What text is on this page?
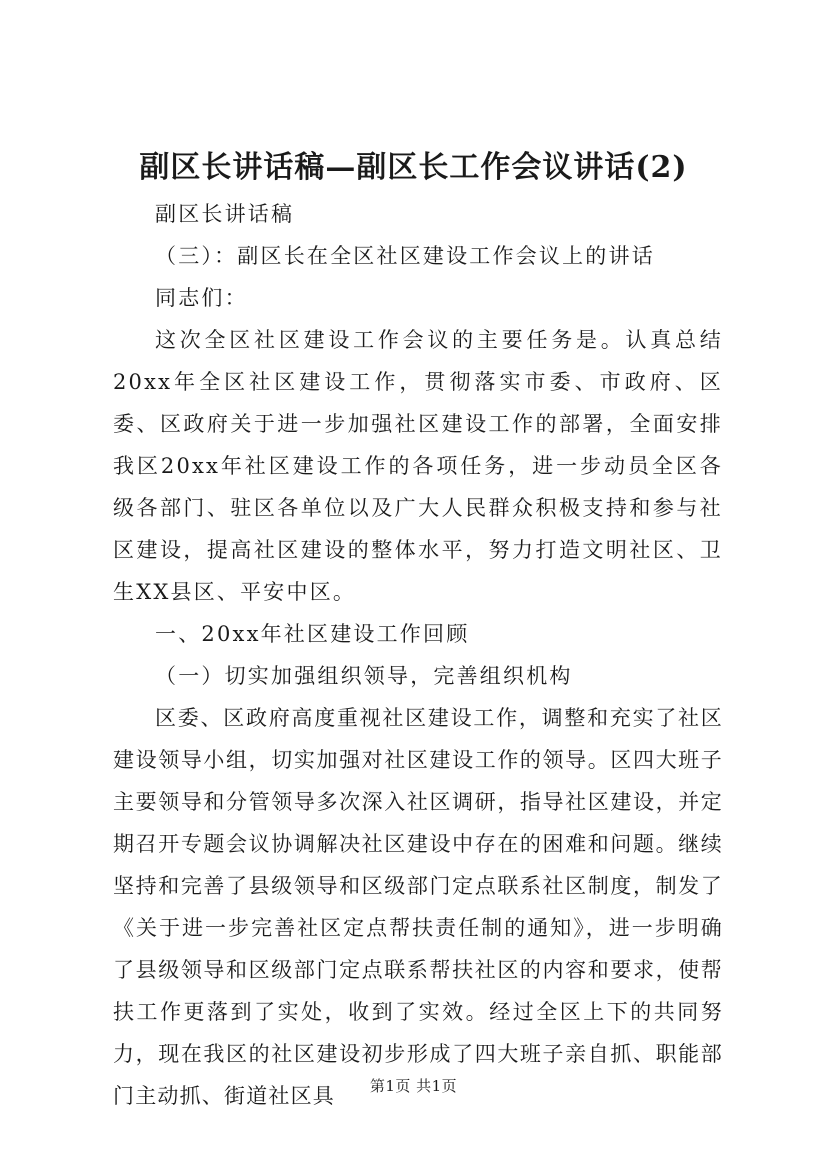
副区长讲话稿—副区长工作会议讲话(2)

副区长讲话稿

（三）：副区长在全区社区建设工作会议上的讲话

同志们：

这次全区社区建设工作会议的主要任务是。认真总结20xx年全区社区建设工作，贯彻落实市委、市政府、区委、区政府关于进一步加强社区建设工作的部署，全面安排我区20xx年社区建设工作的各项任务，进一步动员全区各级各部门、驻区各单位以及广大人民群众积极支持和参与社区建设，提高社区建设的整体水平，努力打造文明社区、卫生XX县区、平安中区。

一、20xx年社区建设工作回顾

（一）切实加强组织领导，完善组织机构

区委、区政府高度重视社区建设工作，调整和充实了社区建设领导小组，切实加强对社区建设工作的领导。区四大班子主要领导和分管领导多次深入社区调研，指导社区建设，并定期召开专题会议协调解决社区建设中存在的困难和问题。继续坚持和完善了县级领导和区级部门定点联系社区制度，制发了《关于进一步完善社区定点帮扶责任制的通知》，进一步明确了县级领导和区级部门定点联系帮扶社区的内容和要求，使帮扶工作更落到了实处，收到了实效。经过全区上下的共同努力，现在我区的社区建设初步形成了四大班子亲自抓、职能部门主动抓、街道社区具	第1页 共1页
